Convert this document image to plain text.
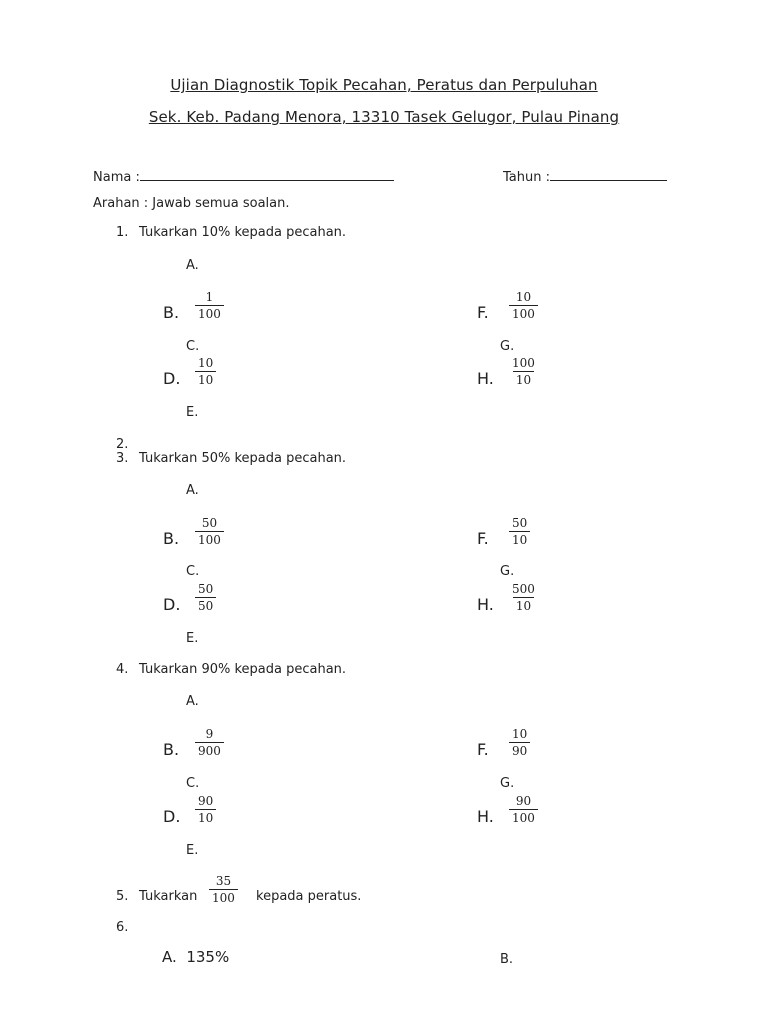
Ujian Diagnostik Topik Pecahan, Peratus dan Perpuluhan
Sek. Keb. Padang Menora, 13310 Tasek Gelugor, Pulau Pinang
Nama :	Tahun :
Arahan : Jawab semua soalan.
1. Tukarkan 10% kepada pecahan.
A.
B. $\frac{1}{100}$	F. $\frac{10}{100}$
C.	G.
D. $\frac{10}{10}$	H. $\frac{100}{10}$
E.
2.
3. Tukarkan 50% kepada pecahan.
A.
B. $\frac{50}{100}$	F. $\frac{50}{10}$
C.	G.
D. $\frac{50}{50}$	H. $\frac{500}{10}$
E.
4. Tukarkan 90% kepada pecahan.
A.
B. $\frac{9}{900}$	F. $\frac{10}{90}$
C.	G.
D. $\frac{90}{10}$	H. $\frac{90}{100}$
E.
5. Tukarkan $\frac{35}{100}$ kepada peratus.
6.
A. 135%	B.
